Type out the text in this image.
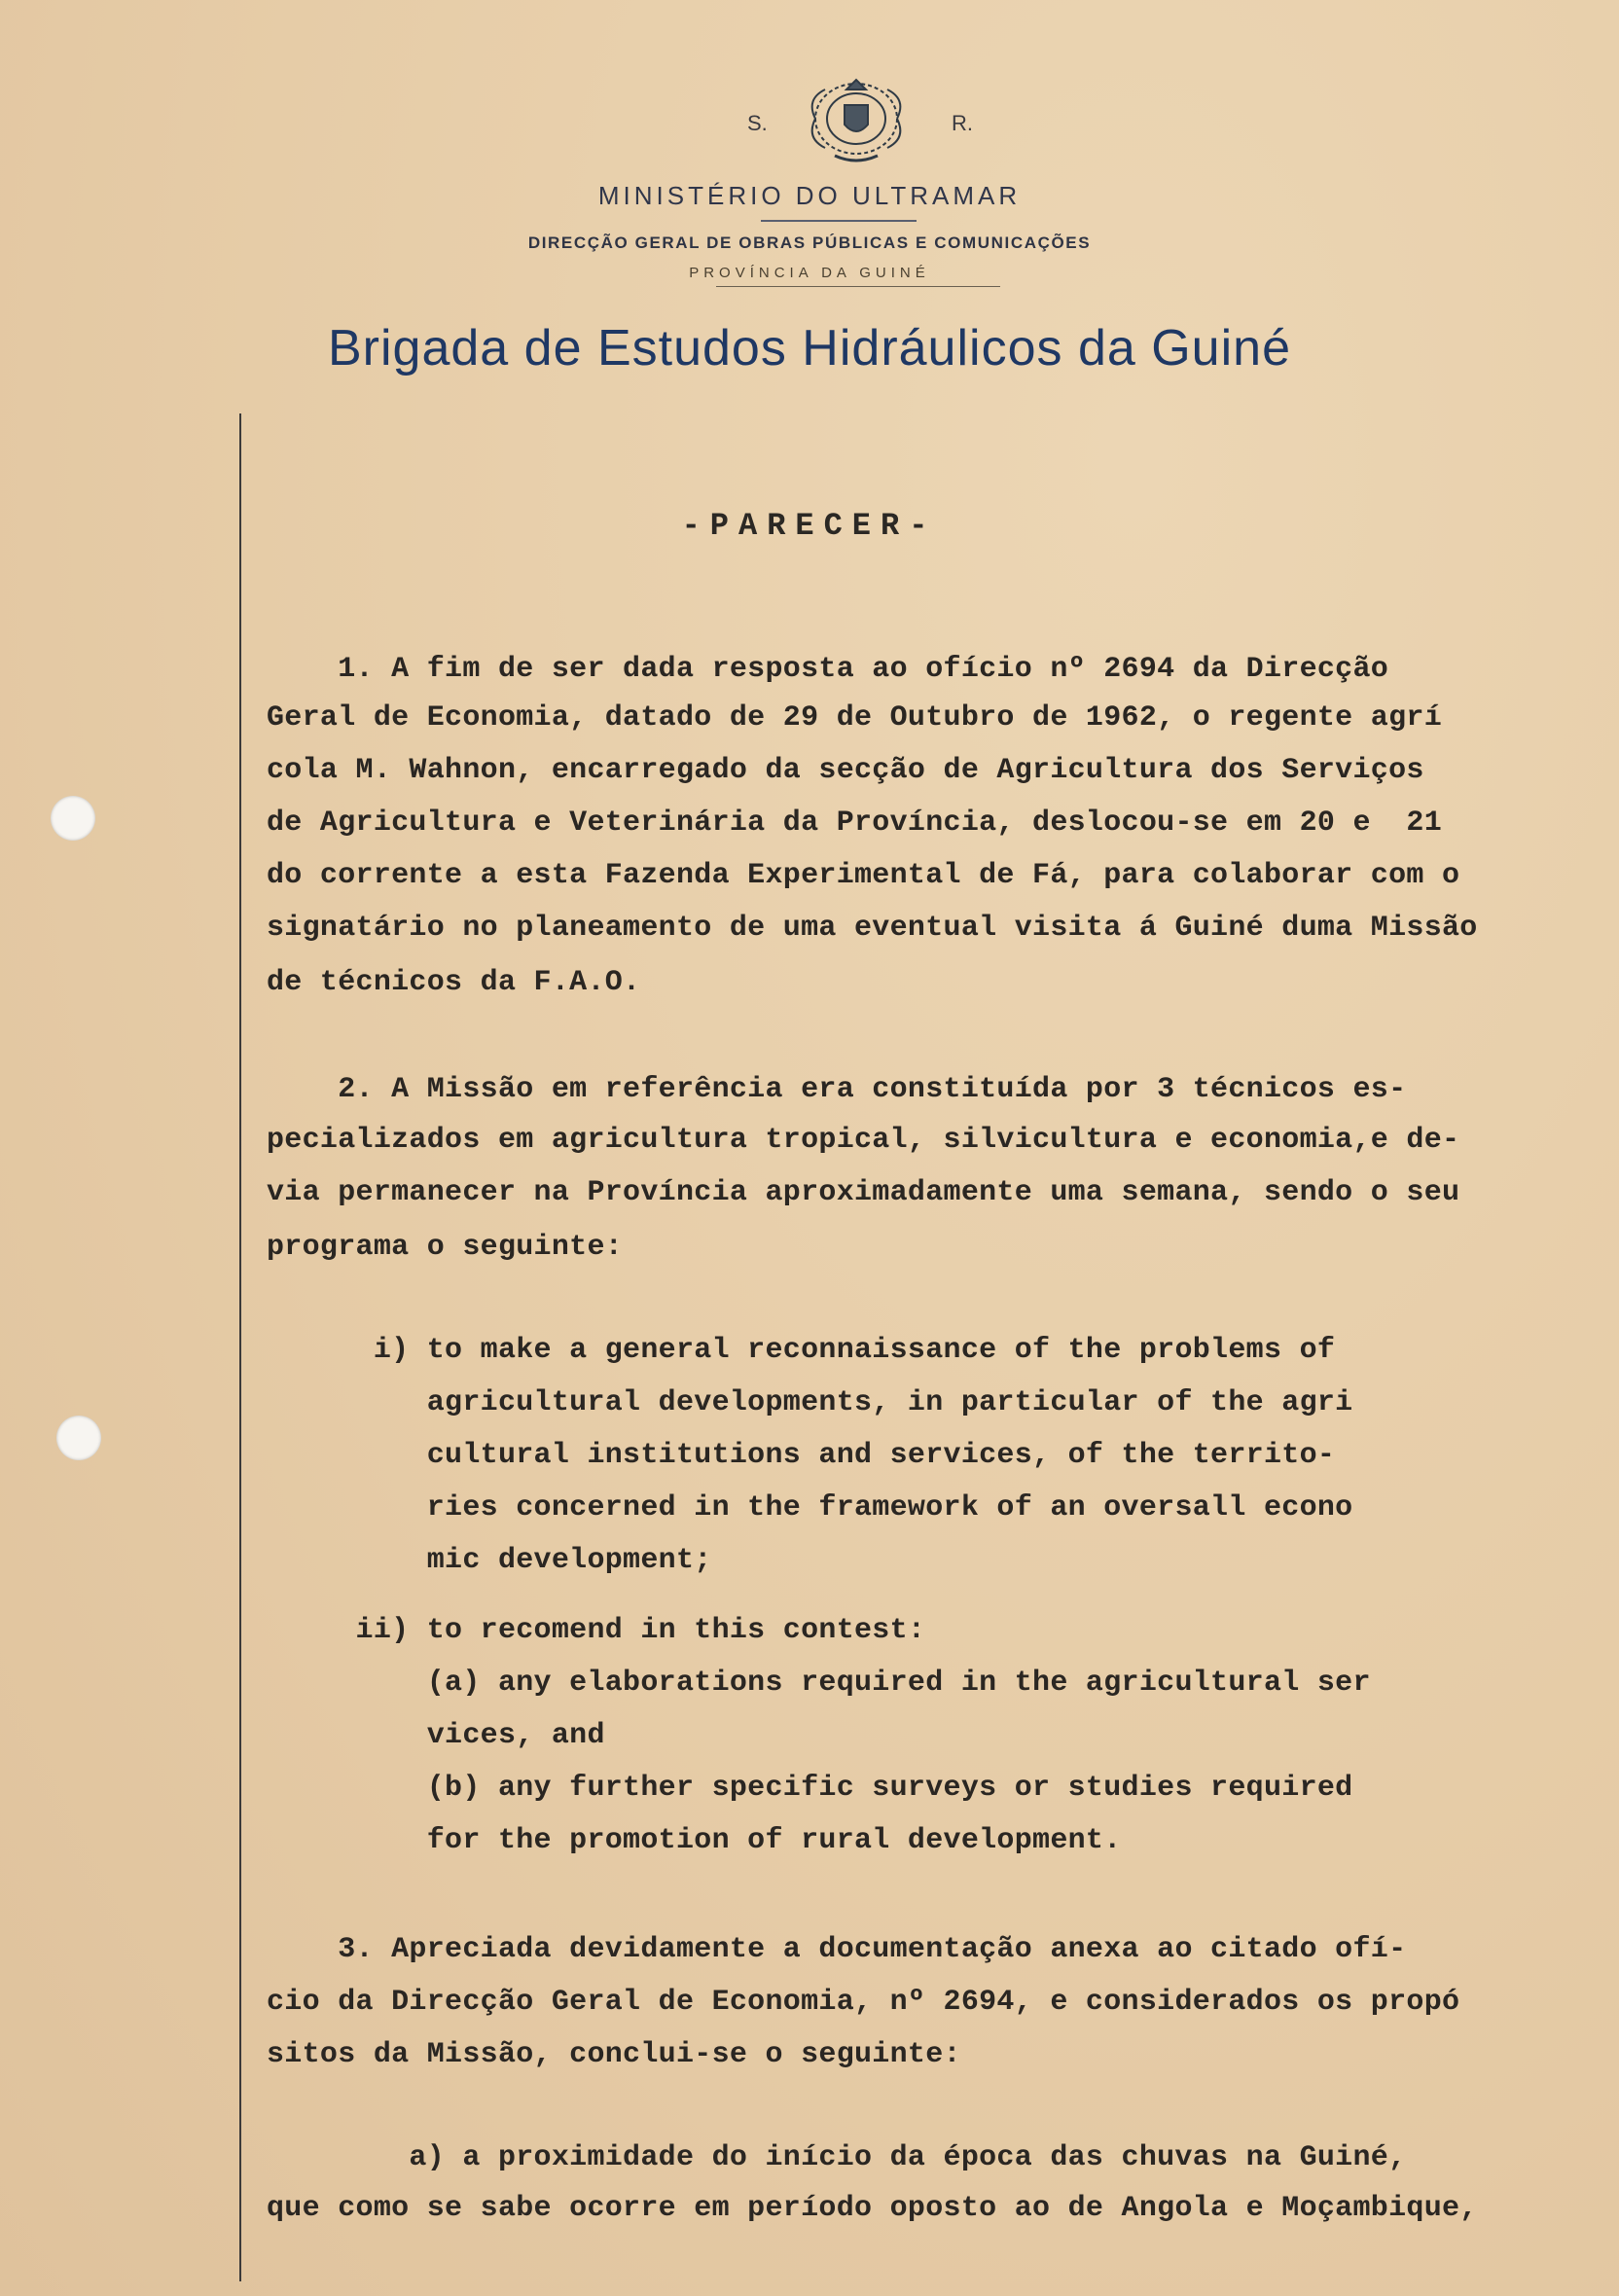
S.	R.
MINISTÉRIO DO ULTRAMAR
DIRECÇÃO GERAL DE OBRAS PÚBLICAS E COMUNICAÇÕES
PROVÍNCIA DA GUINÉ
Brigada de Estudos Hidráulicos da Guiné
-PARECER-
1. A fim de ser dada resposta ao ofício nº 2694 da Direcção
Geral de Economia, datado de 29 de Outubro de 1962, o regente agrí
cola M. Wahnon, encarregado da secção de Agricultura dos Serviços
de Agricultura e Veterinária da Província, deslocou-se em 20 e  21
do corrente a esta Fazenda Experimental de Fá, para colaborar com o
signatário no planeamento de uma eventual visita á Guiné duma Missão
de técnicos da F.A.O.
2. A Missão em referência era constituída por 3 técnicos es-
pecializados em agricultura tropical, silvicultura e economia,e de-
via permanecer na Província aproximadamente uma semana, sendo o seu
programa o seguinte:
i) to make a general reconnaissance of the problems of
agricultural developments, in particular of the agri
cultural institutions and services, of the territo-
ries concerned in the framework of an oversall econo
mic development;
ii) to recomend in this contest:
(a) any elaborations required in the agricultural ser
vices, and
(b) any further specific surveys or studies required
for the promotion of rural development.
3. Apreciada devidamente a documentação anexa ao citado ofí-
cio da Direcção Geral de Economia, nº 2694, e considerados os propó
sitos da Missão, conclui-se o seguinte:
a) a proximidade do início da época das chuvas na Guiné,
que como se sabe ocorre em período oposto ao de Angola e Moçambique,
